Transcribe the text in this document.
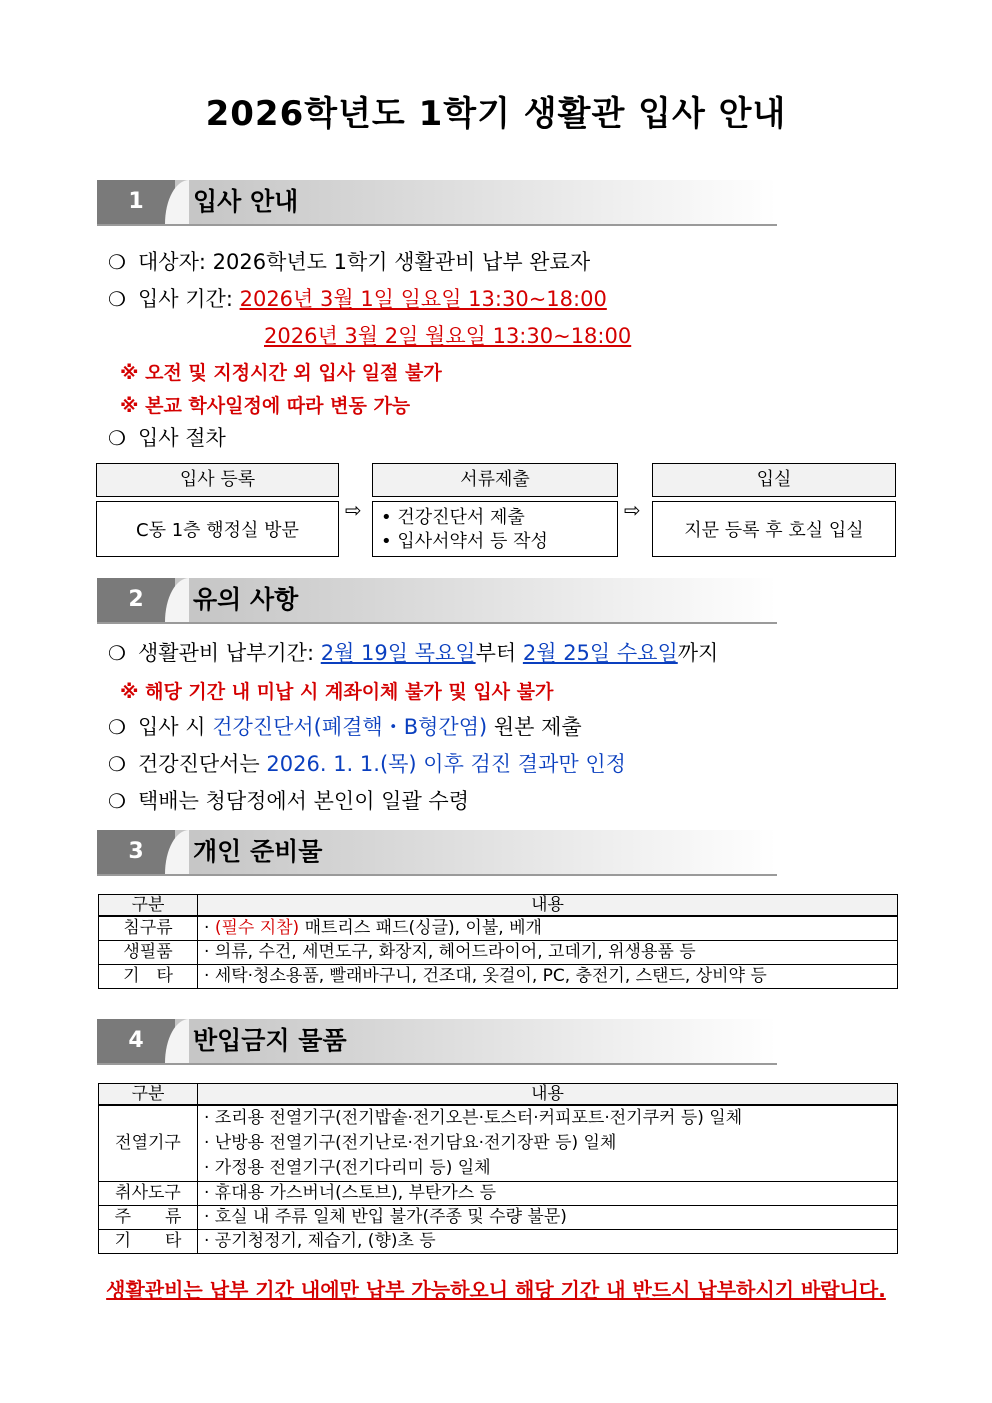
2026학년도 1학기 생활관 입사 안내
1	입사 안내
❍ 대상자: 2026학년도 1학기 생활관비 납부 완료자
❍ 입사 기간: 2026년 3월 1일 일요일 13:30~18:00
2026년 3월 2일 월요일 13:30~18:00
※ 오전 및 지정시간 외 입사 일절 불가
※ 본교 학사일정에 따라 변동 가능
❍ 입사 절차
입사 등록
C동 1층 행정실 방문
⇨
서류제출
• 건강진단서 제출
• 입사서약서 등 작성
⇨
입실
지문 등록 후 호실 입실
2	유의 사항
❍ 생활관비 납부기간: 2월 19일 목요일부터 2월 25일 수요일까지
※ 해당 기간 내 미납 시 계좌이체 불가 및 입사 불가
❍ 입사 시 건강진단서(폐결핵・B형간염) 원본 제출
❍ 건강진단서는 2026. 1. 1.(목) 이후 검진 결과만 인정
❍ 택배는 청담정에서 본인이 일괄 수령
3	개인 준비물
구분	내용
침구류	· (필수 지참) 매트리스 패드(싱글), 이불, 베개
생필품	· 의류, 수건, 세면도구, 화장지, 헤어드라이어, 고데기, 위생용품 등
기　타	· 세탁·청소용품, 빨래바구니, 건조대, 옷걸이, PC, 충전기, 스탠드, 상비약 등
4	반입금지 물품
구분	내용
전열기구	· 조리용 전열기구(전기밥솥·전기오븐·토스터·커피포트·전기쿠커 등) 일체
· 난방용 전열기구(전기난로·전기담요·전기장판 등) 일체
· 가정용 전열기구(전기다리미 등) 일체

취사도구	· 휴대용 가스버너(스토브), 부탄가스 등
주　　류	· 호실 내 주류 일체 반입 불가(주종 및 수량 불문)
기　　타	· 공기청정기, 제습기, (향)초 등
생활관비는 납부 기간 내에만 납부 가능하오니 해당 기간 내 반드시 납부하시기 바랍니다.
